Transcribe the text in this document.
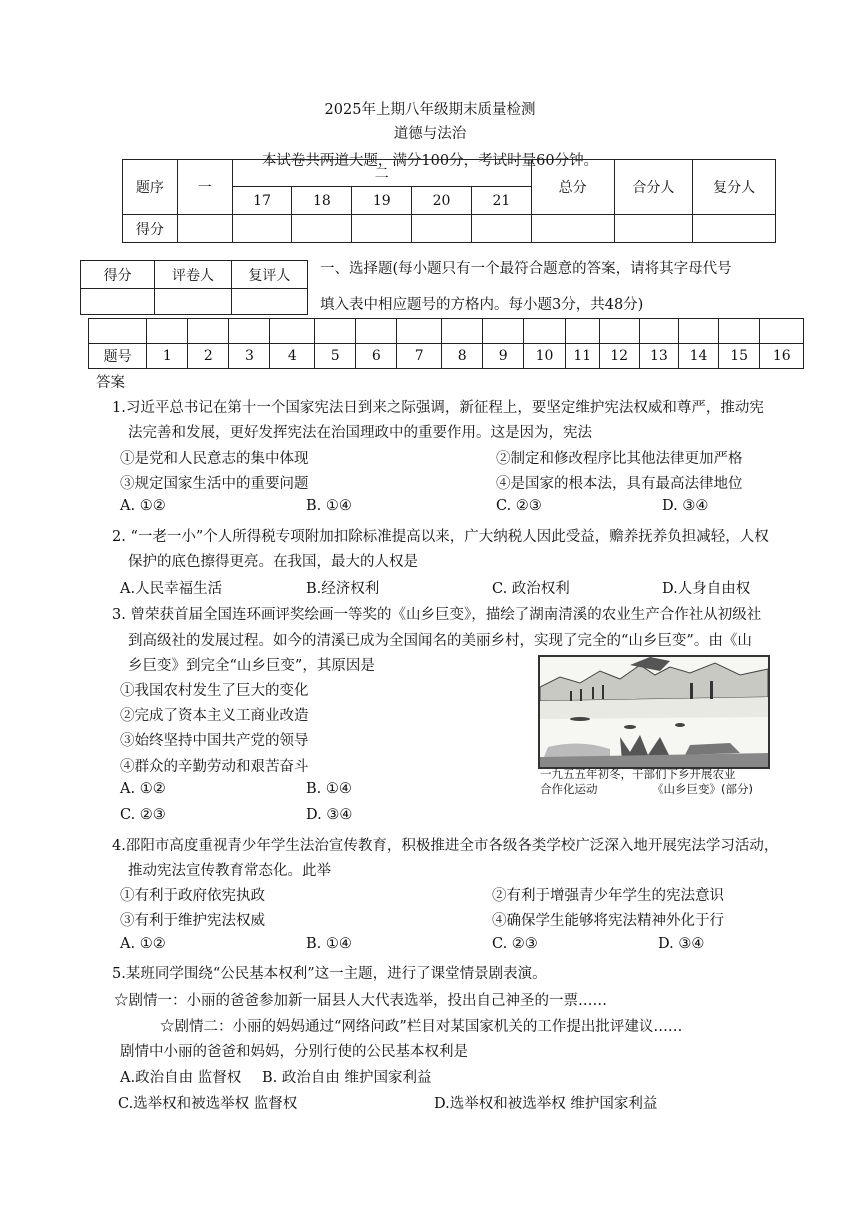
2025年上期八年级期末质量检测
道德与法治
本试卷共两道大题，满分100分，考试时量60分钟。
题序	一	二					总分	合分人	复分人
		17	18	19	20	21			
得分									
得分	评卷人	复评人
		一、选择题(每小题只有一个最符合题意的答案，请将其字母代号
填入表中相应题号的方格内。每小题3分，共48分)

题号	1	2	3	4	5	6	7	8	9	10	11	12	13	14	15	16
答案
1.习近平总书记在第十一个国家宪法日到来之际强调，新征程上，要坚定维护宪法权威和尊严，推动宪
法完善和发展，更好发挥宪法在治国理政中的重要作用。这是因为，宪法
①是党和人民意志的集中体现	②制定和修改程序比其他法律更加严格
③规定国家生活中的重要问题	④是国家的根本法，具有最高法律地位
A. ①②	B. ①④	C. ②③	D. ③④
2. “一老一小”个人所得税专项附加扣除标准提高以来，广大纳税人因此受益，赡养抚养负担减轻，人权
保护的底色擦得更亮。在我国，最大的人权是
A.人民幸福生活	B.经济权利	C. 政治权利	D.人身自由权
3. 曾荣获首届全国连环画评奖绘画一等奖的《山乡巨变》，描绘了湖南清溪的农业生产合作社从初级社
到高级社的发展过程。如今的清溪已成为全国闻名的美丽乡村，实现了完全的“山乡巨变”。由《山
乡巨变》到完全“山乡巨变”，其原因是
①我国农村发生了巨大的变化
②完成了资本主义工商业改造
③始终坚持中国共产党的领导
④群众的辛勤劳动和艰苦奋斗
A. ①②	B. ①④
C. ②③	D. ③④
一九五五年初冬，干部们下乡开展农业
合作化运动	《山乡巨变》(部分)
4.邵阳市高度重视青少年学生法治宣传教育，积极推进全市各级各类学校广泛深入地开展宪法学习活动，
推动宪法宣传教育常态化。此举
①有利于政府依宪执政	②有利于增强青少年学生的宪法意识
③有利于维护宪法权威	④确保学生能够将宪法精神外化于行
A. ①②	B. ①④	C. ②③	D. ③④
5.某班同学围绕“公民基本权利”这一主题，进行了课堂情景剧表演。
☆剧情一：小丽的爸爸参加新一届县人大代表选举，投出自己神圣的一票……
☆剧情二：小丽的妈妈通过“网络问政”栏目对某国家机关的工作提出批评建议……
剧情中小丽的爸爸和妈妈，分别行使的公民基本权利是
A.政治自由 监督权 B. 政治自由 维护国家利益
C.选举权和被选举权 监督权	D.选举权和被选举权 维护国家利益
